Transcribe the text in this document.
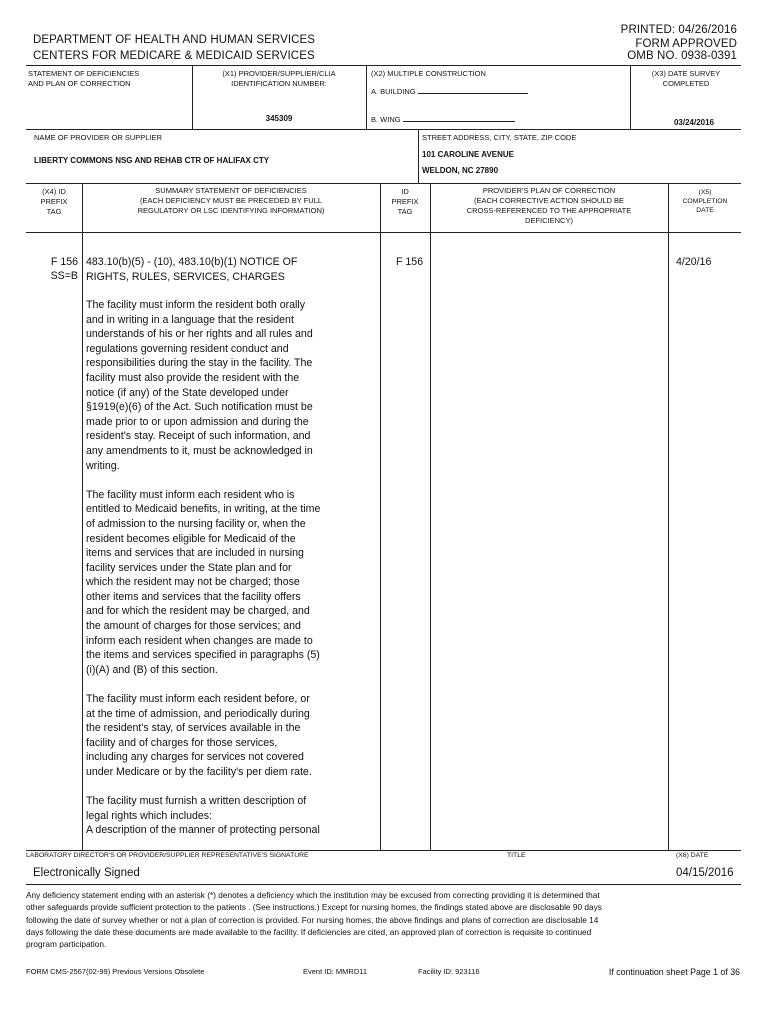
DEPARTMENT OF HEALTH AND HUMAN SERVICES
CENTERS FOR MEDICARE & MEDICAID SERVICES
PRINTED: 04/26/2016
FORM APPROVED
OMB NO. 0938-0391
STATEMENT OF DEFICIENCIES
AND PLAN OF CORRECTION
(X1) PROVIDER/SUPPLIER/CLIA
IDENTIFICATION NUMBER:
345309
(X2) MULTIPLE CONSTRUCTION
A. BUILDING
B. WING
(X3) DATE SURVEY
COMPLETED
03/24/2016
NAME OF PROVIDER OR SUPPLIER
LIBERTY COMMONS NSG AND REHAB CTR OF HALIFAX CTY
STREET ADDRESS, CITY, STATE, ZIP CODE
101 CAROLINE AVENUE
WELDON, NC 27890
(X4) ID
PREFIX
TAG
SUMMARY STATEMENT OF DEFICIENCIES
(EACH DEFICIENCY MUST BE PRECEDED BY FULL
REGULATORY OR LSC IDENTIFYING INFORMATION)
ID
PREFIX
TAG
PROVIDER'S PLAN OF CORRECTION
(EACH CORRECTIVE ACTION SHOULD BE
CROSS-REFERENCED TO THE APPROPRIATE
DEFICIENCY)
(X5)
COMPLETION
DATE
F 156
SS=B
483.10(b)(5) - (10), 483.10(b)(1) NOTICE OF
RIGHTS, RULES, SERVICES, CHARGES
The facility must inform the resident both orally
and in writing in a language that the resident
understands of his or her rights and all rules and
regulations governing resident conduct and
responsibilities during the stay in the facility. The
facility must also provide the resident with the
notice (if any) of the State developed under
§1919(e)(6) of the Act. Such notification must be
made prior to or upon admission and during the
resident's stay. Receipt of such information, and
any amendments to it, must be acknowledged in
writing.
The facility must inform each resident who is
entitled to Medicaid benefits, in writing, at the time
of admission to the nursing facility or, when the
resident becomes eligible for Medicaid of the
items and services that are included in nursing
facility services under the State plan and for
which the resident may not be charged; those
other items and services that the facility offers
and for which the resident may be charged, and
the amount of charges for those services; and
inform each resident when changes are made to
the items and services specified in paragraphs (5)
(i)(A) and (B) of this section.
The facility must inform each resident before, or
at the time of admission, and periodically during
the resident's stay, of services available in the
facility and of charges for those services,
including any charges for services not covered
under Medicare or by the facility's per diem rate.
The facility must furnish a written description of
legal rights which includes:
A description of the manner of protecting personal
F 156	4/20/16
LABORATORY DIRECTOR'S OR PROVIDER/SUPPLIER REPRESENTATIVE'S SIGNATURE	TITLE	(X6) DATE
Electronically Signed	04/15/2016
Any deficiency statement ending with an asterisk (*) denotes a deficiency which the institution may be excused from correcting providing it is determined that
other safeguards provide sufficient protection to the patients . (See instructions.) Except for nursing homes, the findings stated above are disclosable 90 days
following the date of survey whether or not a plan of correction is provided. For nursing homes, the above findings and plans of correction are disclosable 14
days following the date these documents are made available to the facility. If deficiencies are cited, an approved plan of correction is requisite to continued
program participation.
FORM CMS-2567(02-99) Previous Versions Obsolete	Event ID: MMRD11	Facility ID: 923116	If continuation sheet Page 1 of 36
